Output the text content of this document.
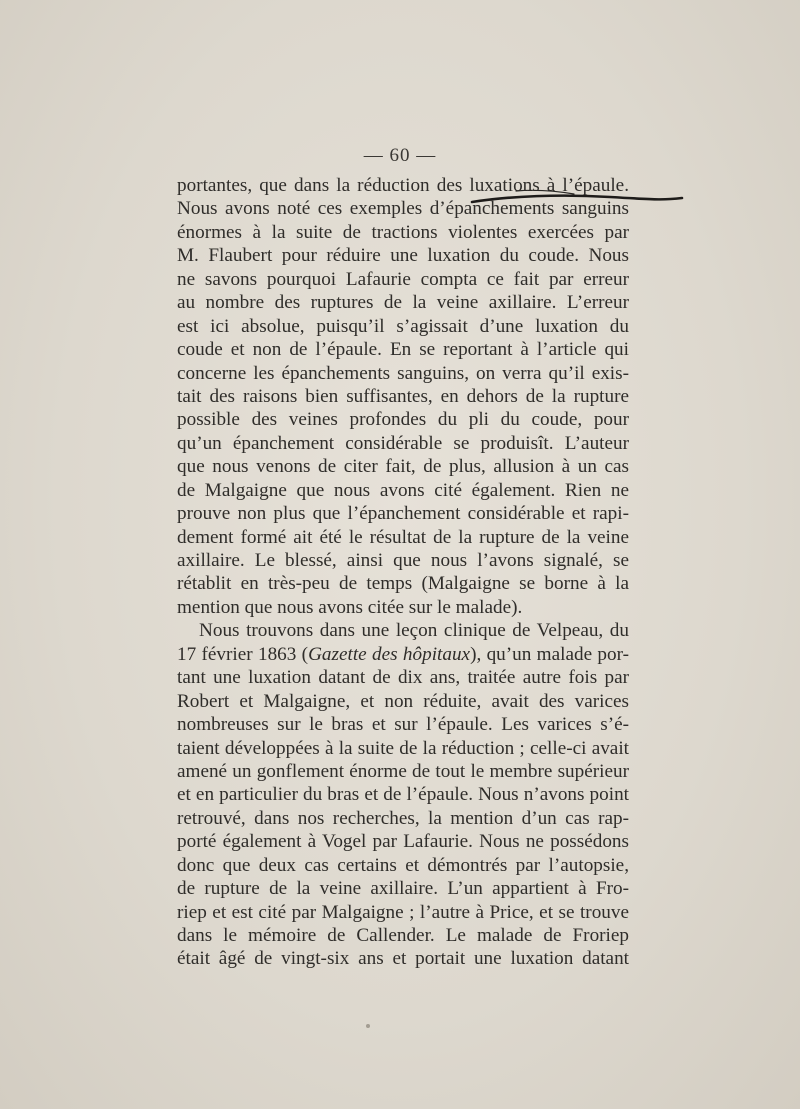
— 60 —
portantes, que dans la réduction des luxations à l’épaule.
Nous avons noté ces exemples d’épanchements sanguins
énormes à la suite de tractions violentes exercées par
M. Flaubert pour réduire une luxation du coude. Nous
ne savons pourquoi Lafaurie compta ce fait par erreur
au nombre des ruptures de la veine axillaire. L’erreur
est ici absolue, puisqu’il s’agissait d’une luxation du
coude et non de l’épaule. En se reportant à l’article qui
concerne les épanchements sanguins, on verra qu’il exis-
tait des raisons bien suffisantes, en dehors de la rupture
possible des veines profondes du pli du coude, pour
qu’un épanchement considérable se produisît. L’auteur
que nous venons de citer fait, de plus, allusion à un cas
de Malgaigne que nous avons cité également. Rien ne
prouve non plus que l’épanchement considérable et rapi-
dement formé ait été le résultat de la rupture de la veine
axillaire. Le blessé, ainsi que nous l’avons signalé, se
rétablit en très-peu de temps (Malgaigne se borne à la
mention que nous avons citée sur le malade).
Nous trouvons dans une leçon clinique de Velpeau, du
17 février 1863 (Gazette des hôpitaux), qu’un malade por-
tant une luxation datant de dix ans, traitée autre fois par
Robert et Malgaigne, et non réduite, avait des varices
nombreuses sur le bras et sur l’épaule. Les varices s’é-
taient développées à la suite de la réduction ; celle-ci avait
amené un gonflement énorme de tout le membre supérieur
et en particulier du bras et de l’épaule. Nous n’avons point
retrouvé, dans nos recherches, la mention d’un cas rap-
porté également à Vogel par Lafaurie. Nous ne possédons
donc que deux cas certains et démontrés par l’autopsie,
de rupture de la veine axillaire. L’un appartient à Fro-
riep et est cité par Malgaigne ; l’autre à Price, et se trouve
dans le mémoire de Callender. Le malade de Froriep
était âgé de vingt-six ans et portait une luxation datant
